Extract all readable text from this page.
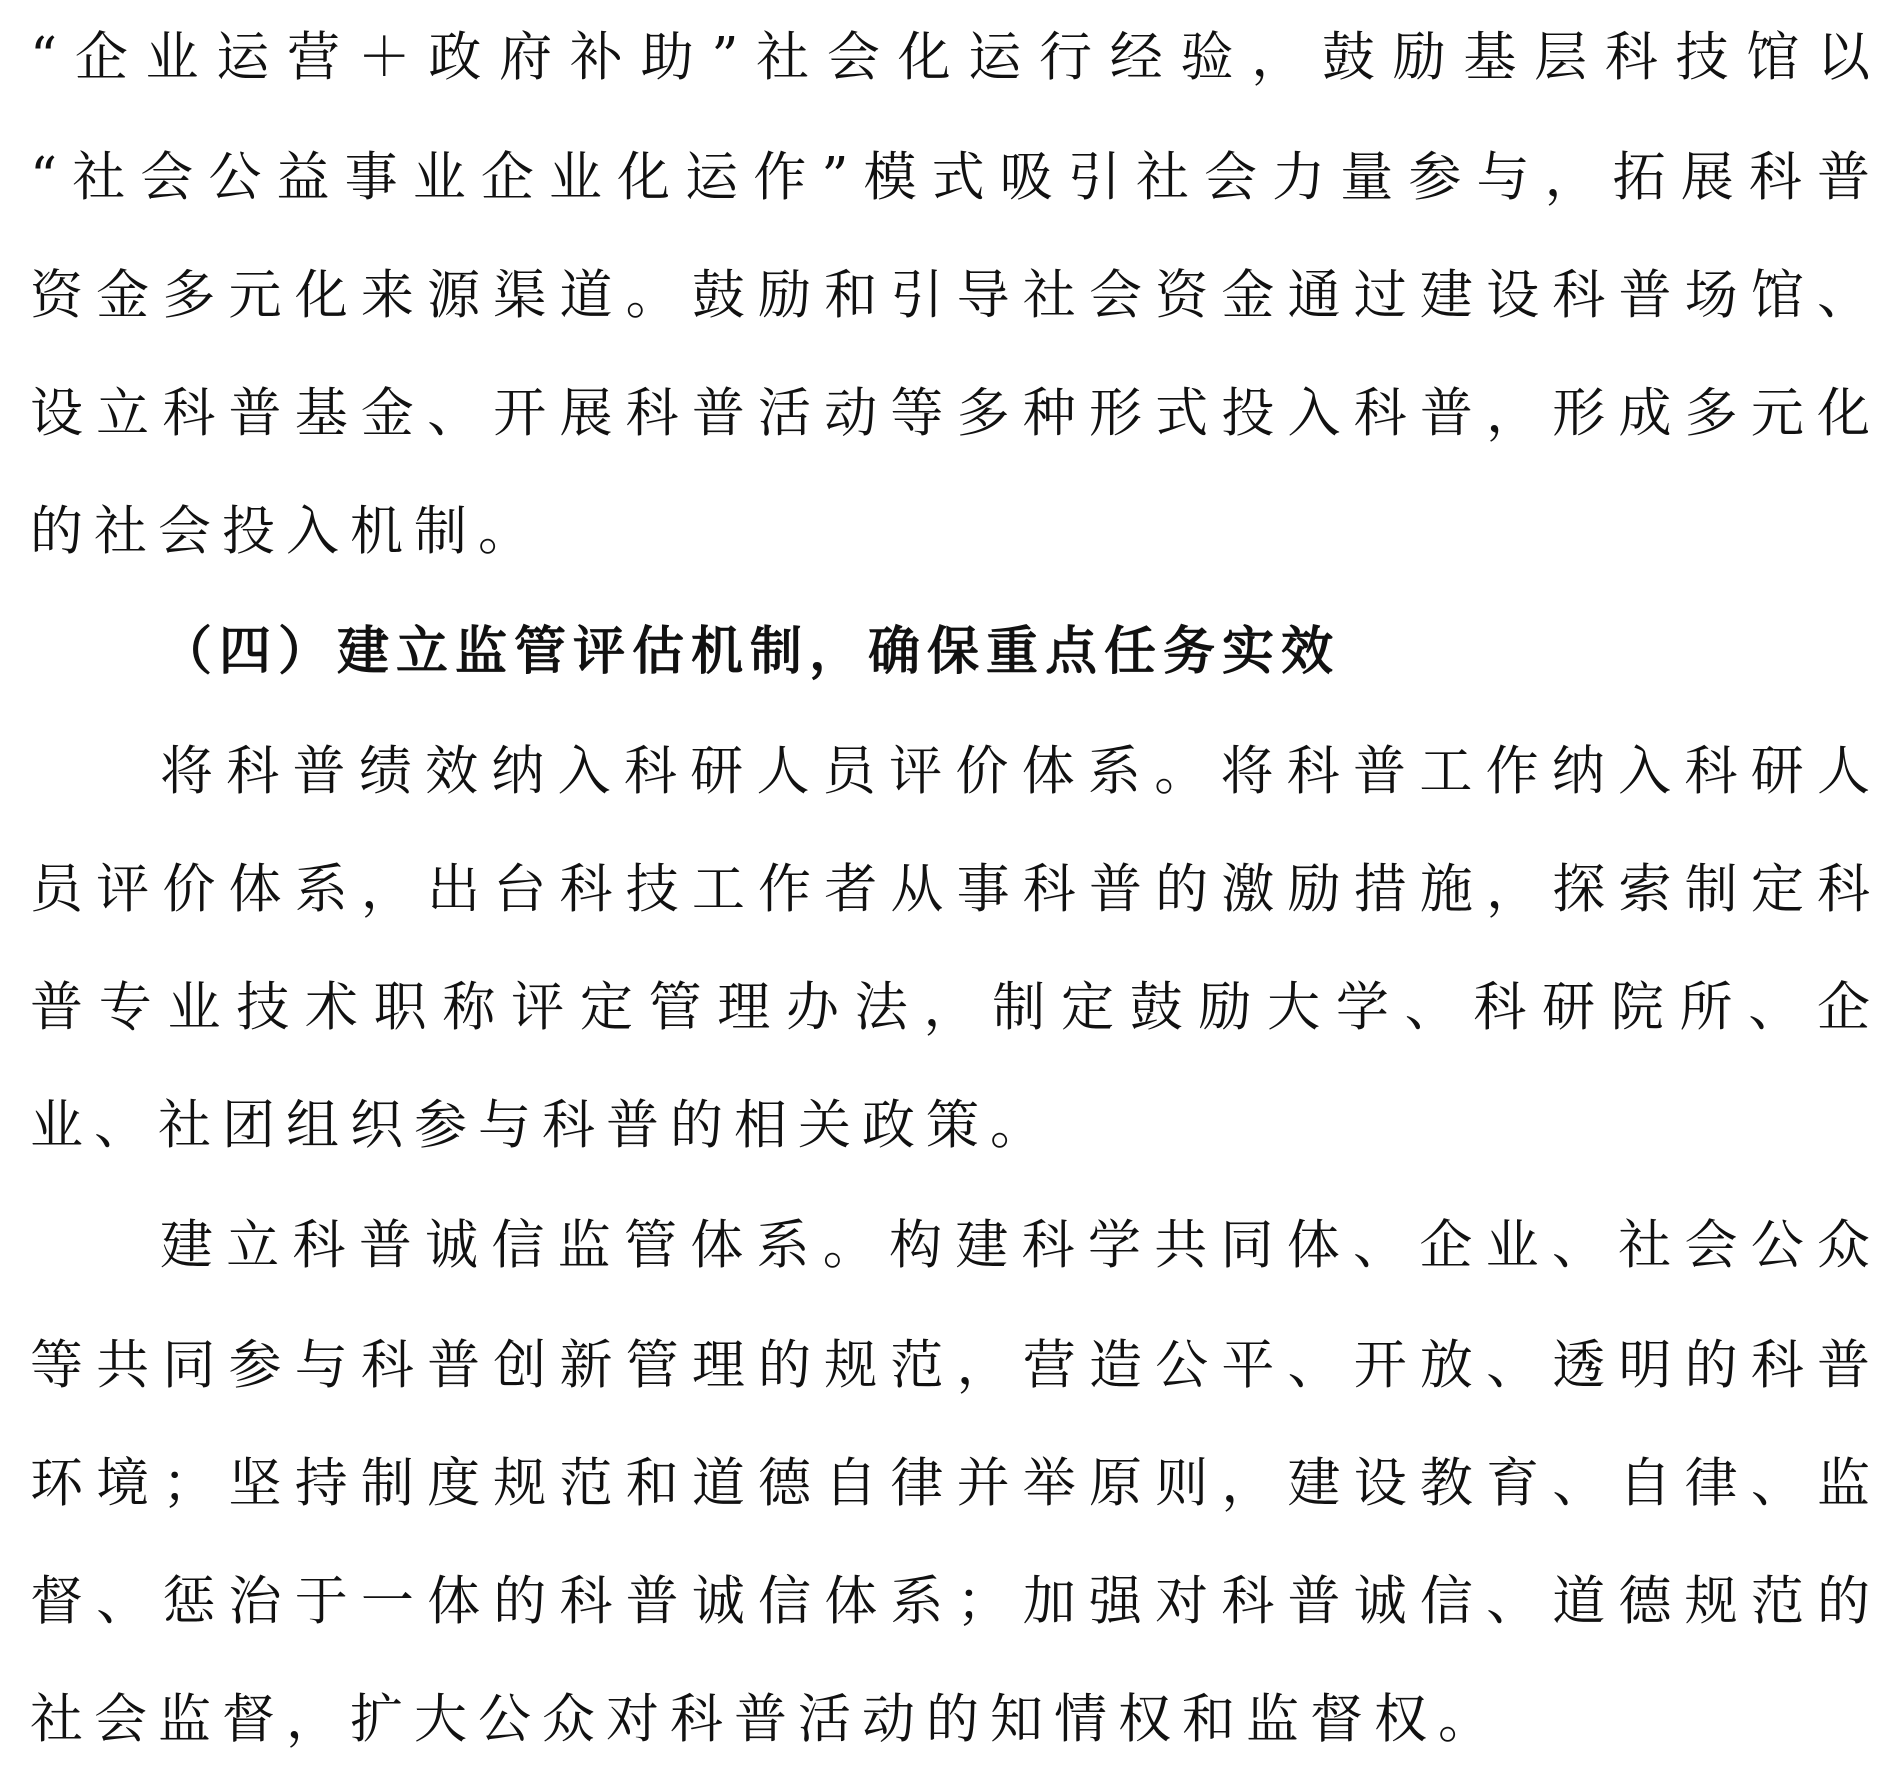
“企业运营＋政府补助”社会化运行经验，鼓励基层科技馆以
“社会公益事业企业化运作”模式吸引社会力量参与，拓展科普
资金多元化来源渠道。鼓励和引导社会资金通过建设科普场馆、
设立科普基金、开展科普活动等多种形式投入科普，形成多元化
的社会投入机制。
（四）建立监管评估机制，确保重点任务实效
将科普绩效纳入科研人员评价体系。将科普工作纳入科研人
员评价体系，出台科技工作者从事科普的激励措施，探索制定科
普专业技术职称评定管理办法，制定鼓励大学、科研院所、企
业、社团组织参与科普的相关政策。
建立科普诚信监管体系。构建科学共同体、企业、社会公众
等共同参与科普创新管理的规范，营造公平、开放、透明的科普
环境；坚持制度规范和道德自律并举原则，建设教育、自律、监
督、惩治于一体的科普诚信体系；加强对科普诚信、道德规范的
社会监督，扩大公众对科普活动的知情权和监督权。
